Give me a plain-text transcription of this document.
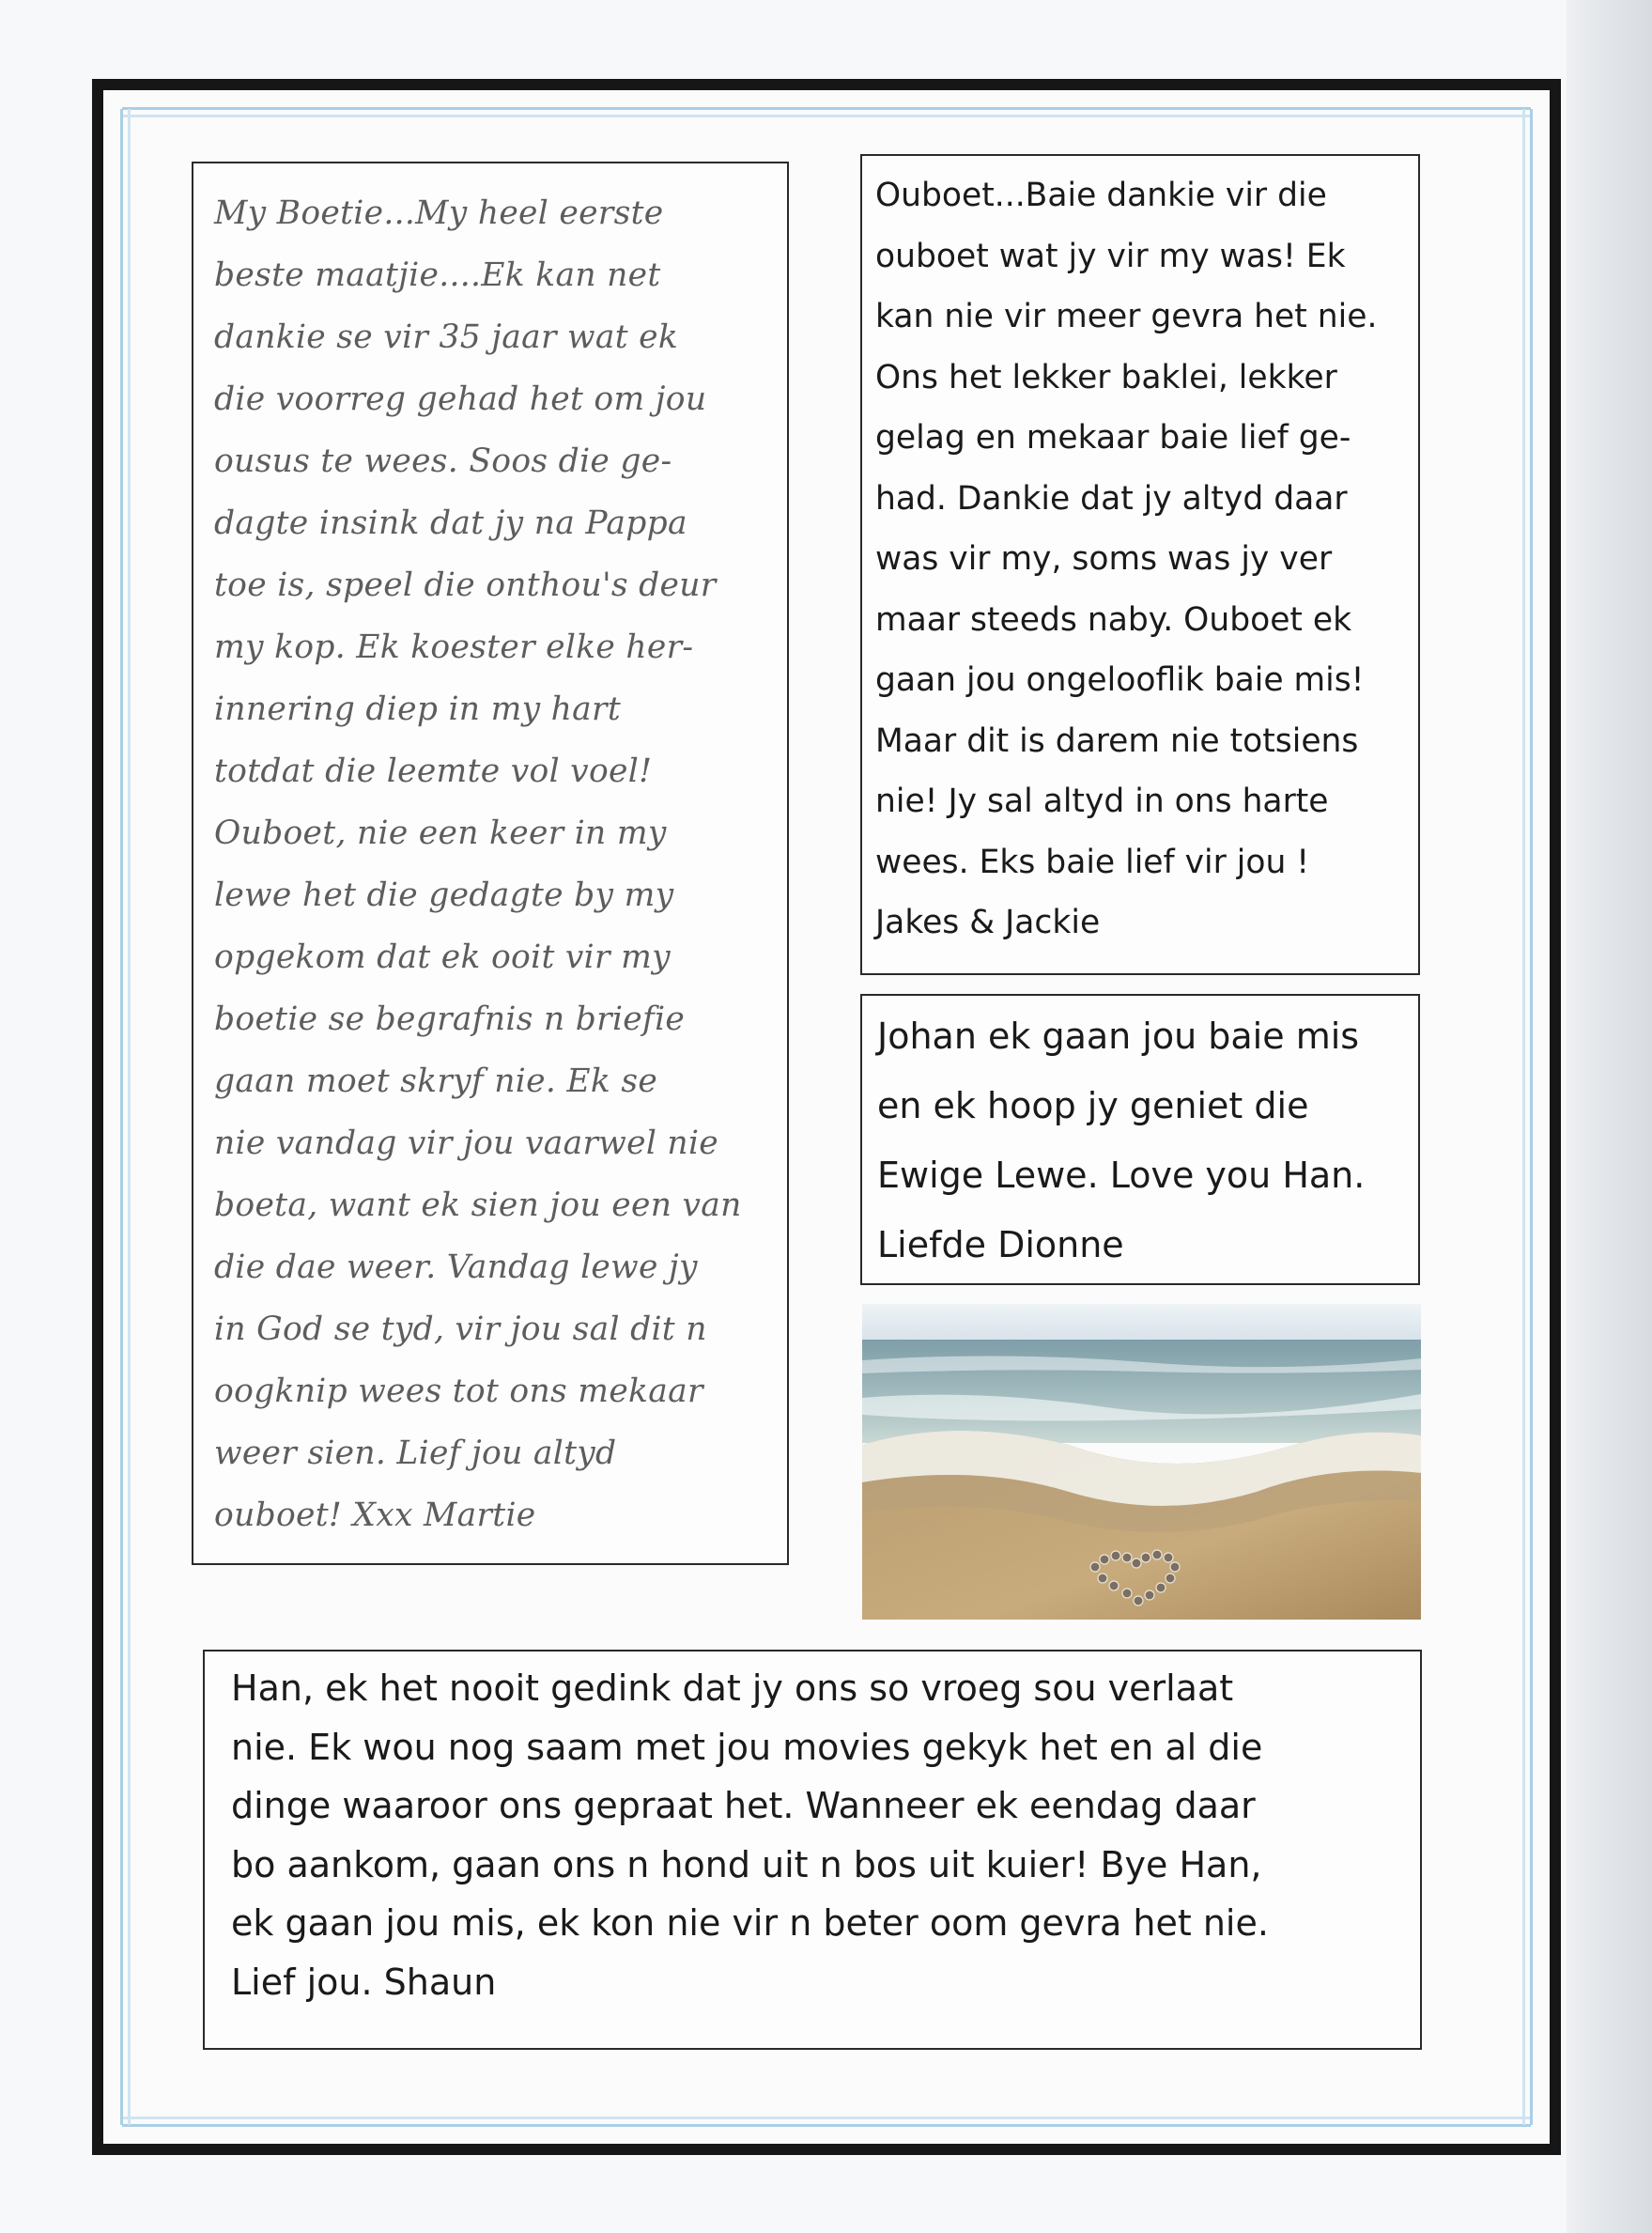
My Boetie...My heel eerste
beste maatjie....Ek kan net
dankie se vir 35 jaar wat ek
die voorreg gehad het om jou
ousus te wees. Soos die ge-
dagte insink dat jy na Pappa
toe is, speel die onthou's deur
my kop. Ek koester elke her-
innering diep in my hart
totdat die leemte vol voel!
Ouboet, nie een keer in my
lewe het die gedagte by my
opgekom dat ek ooit vir my
boetie se begrafnis n briefie
gaan moet skryf nie. Ek se
nie vandag vir jou vaarwel nie
boeta, want ek sien jou een van
die dae weer. Vandag lewe jy
in God se tyd, vir jou sal dit n
oogknip wees tot ons mekaar
weer sien. Lief jou altyd
ouboet! Xxx Martie
Ouboet...Baie dankie vir die
ouboet wat jy vir my was! Ek
kan nie vir meer gevra het nie.
Ons het lekker baklei, lekker
gelag en mekaar baie lief ge-
had. Dankie dat jy altyd daar
was vir my, soms was jy ver
maar steeds naby. Ouboet ek
gaan jou ongelooflik baie mis!
Maar dit is darem nie totsiens
nie! Jy sal altyd in ons harte
wees. Eks baie lief vir jou !
Jakes & Jackie
Johan ek gaan jou baie mis
en ek hoop jy geniet die
Ewige Lewe. Love you Han.
Liefde Dionne
Han, ek het nooit gedink dat jy ons so vroeg sou verlaat
nie. Ek wou nog saam met jou movies gekyk het en al die
dinge waaroor ons gepraat het. Wanneer ek eendag daar
bo aankom, gaan ons n hond uit n bos uit kuier! Bye Han,
ek gaan jou mis, ek kon nie vir n beter oom gevra het nie.
Lief jou. Shaun
